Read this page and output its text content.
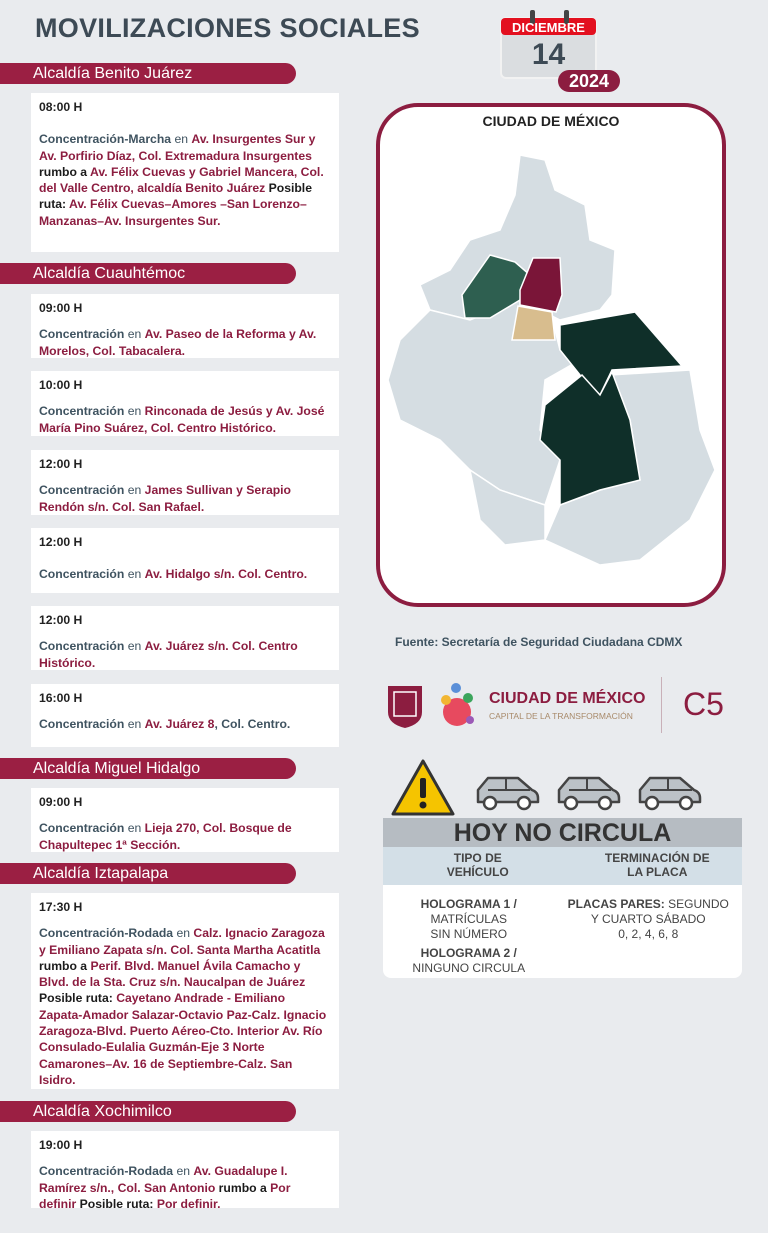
MOVILIZACIONES SOCIALES	DICIEMBRE
14
2024
Alcaldía Benito Juárez
08:00 H
Concentración-Marcha en Av. Insurgentes Sur y Av. Porfirio Díaz, Col. Extremadura Insurgentes rumbo a Av. Félix Cuevas y Gabriel Mancera, Col. del Valle Centro, alcaldía Benito Juárez Posible ruta: Av. Félix Cuevas–Amores –San Lorenzo–Manzanas–Av. Insurgentes Sur.
Alcaldía Cuauhtémoc
09:00 H
Concentración en Av. Paseo de la Reforma y Av. Morelos, Col. Tabacalera.
10:00 H
Concentración en Rinconada de Jesús y Av. José María Pino Suárez, Col. Centro Histórico.
12:00 H
Concentración en James Sullivan y Serapio Rendón s/n. Col. San Rafael.
12:00 H
Concentración en Av. Hidalgo s/n. Col. Centro.
12:00 H
Concentración en Av. Juárez s/n. Col. Centro Histórico.
16:00 H
Concentración en Av. Juárez 8, Col. Centro.
Alcaldía Miguel Hidalgo
09:00 H
Concentración en Lieja 270, Col. Bosque de Chapultepec 1ª Sección.
Alcaldía Iztapalapa
17:30 H
Concentración-Rodada en Calz. Ignacio Zaragoza y Emiliano Zapata s/n. Col. Santa Martha Acatitla rumbo a Perif. Blvd. Manuel Ávila Camacho y Blvd. de la Sta. Cruz s/n. Naucalpan de Juárez Posible ruta: Cayetano Andrade - Emiliano Zapata-Amador Salazar-Octavio Paz-Calz. Ignacio Zaragoza-Blvd. Puerto Aéreo-Cto. Interior Av. Río Consulado-Eulalia Guzmán-Eje 3 Norte Camarones–Av. 16 de Septiembre-Calz. San Isidro.
Alcaldía Xochimilco
19:00 H
Concentración-Rodada en Av. Guadalupe I. Ramírez s/n., Col. San Antonio rumbo a Por definir Posible ruta: Por definir.
CIUDAD DE MÉXICO
Fuente: Secretaría de Seguridad Ciudadana CDMX
CIUDAD DE MÉXICO
CAPITAL DE LA TRANSFORMACIÓN C5
HOY NO CIRCULA
TIPO DE VEHÍCULO
TERMINACIÓN DE LA PLACA
HOLOGRAMA 1 /
MATRÍCULAS SIN NÚMERO
HOLOGRAMA 2 /
NINGUNO CIRCULA
PLACAS PARES: SEGUNDO Y CUARTO SÁBADO
0, 2, 4, 6, 8
